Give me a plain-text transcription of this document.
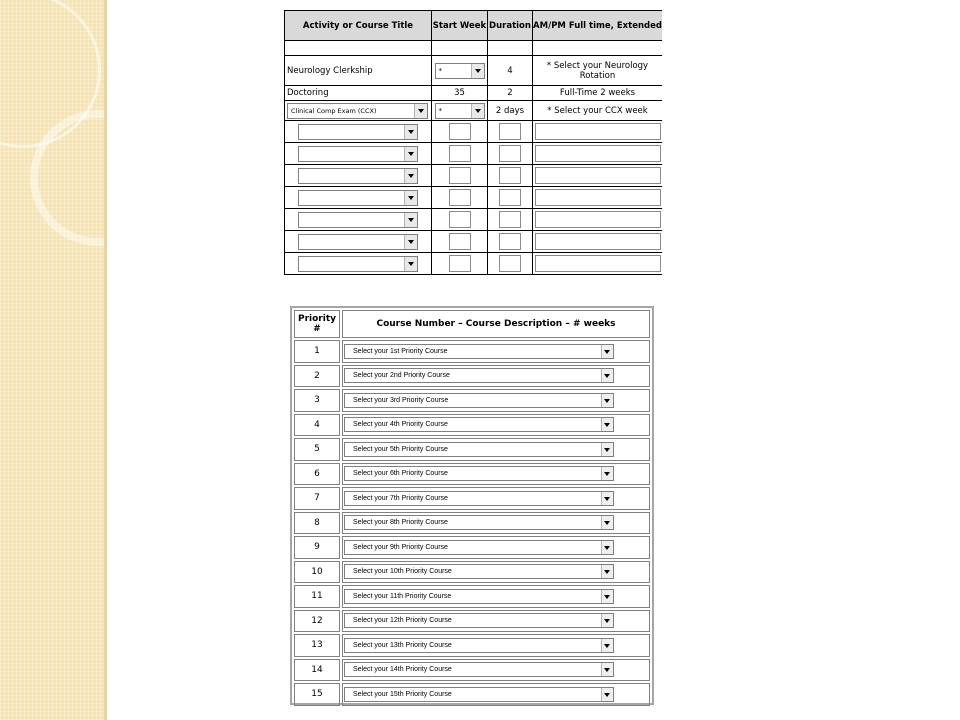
Activity or Course Title	Start Week	Duration	AM/PM Full time, Extended

Neurology Clerkship	*	4	* Select your Neurology Rotation
Doctoring	35	2	Full-Time 2 weeks

Clinical Comp Exam (CCX)	*	2 days	* Select your CCX week

Priority #	Course Number – Course Description – # weeks
1	Select your 1st Priority Course

2	Select your 2nd Priority Course

3	Select your 3rd Priority Course

4	Select your 4th Priority Course

5	Select your 5th Priority Course

6	Select your 6th Priority Course

7	Select your 7th Priority Course

8	Select your 8th Priority Course

9	Select your 9th Priority Course

10	Select your 10th Priority Course

11	Select your 11th Priority Course

12	Select your 12th Priority Course

13	Select your 13th Priority Course

14	Select your 14th Priority Course

15	Select your 15th Priority Course
